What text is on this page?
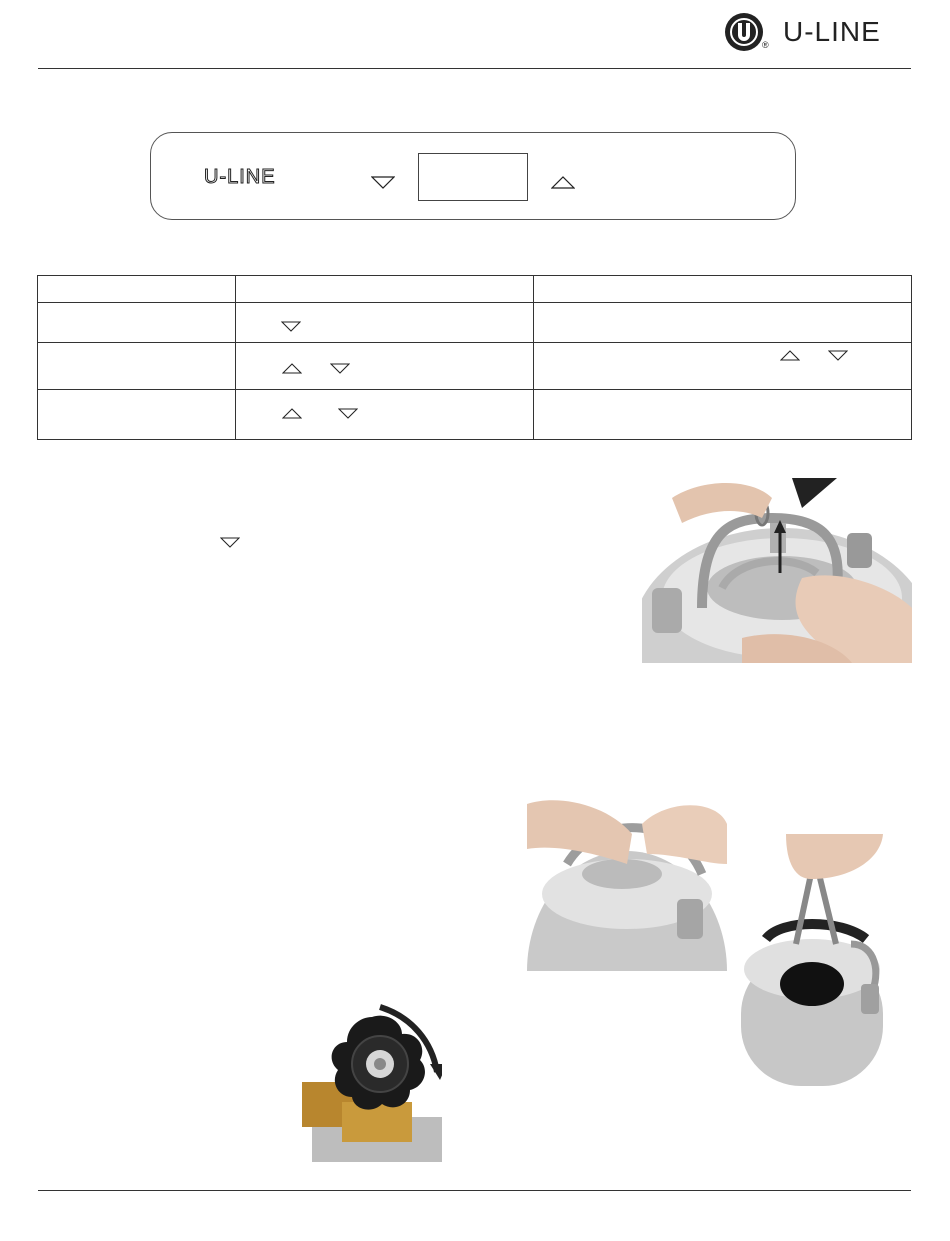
® U-LINE
U-LINE
